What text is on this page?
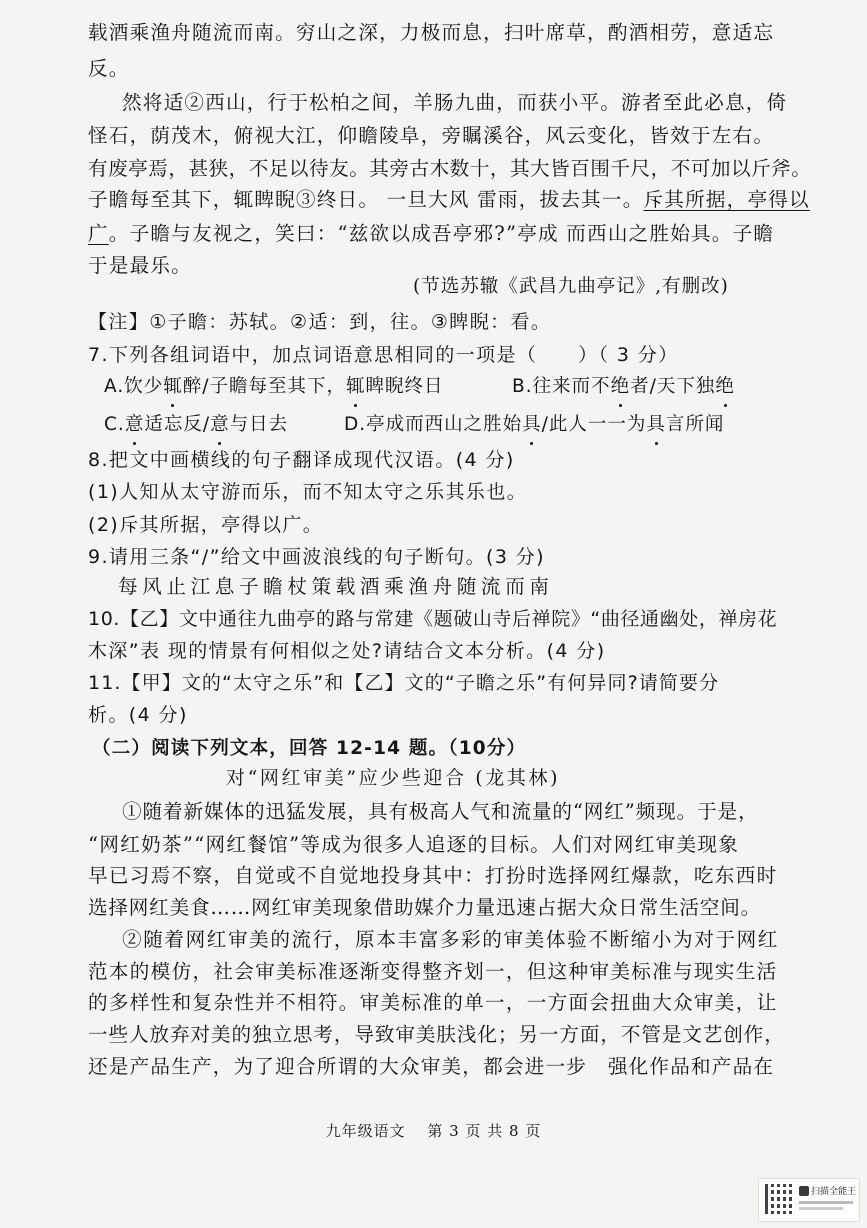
载酒乘渔舟随流而南。穷山之深，力极而息，扫叶席草，酌酒相劳，意适忘
反。
然将适②西山，行于松柏之间，羊肠九曲，而获小平。游者至此必息，倚
怪石，荫茂木，俯视大江，仰瞻陵阜，旁瞩溪谷，风云变化，皆效于左右。
有废亭焉，甚狭，不足以待友。其旁古木数十，其大皆百围千尺，不可加以斤斧。
子瞻每至其下，辄睥睨③终日。 一旦大风 雷雨，拔去其一。斥其所据，亭得以
广。子瞻与友视之，笑曰：“兹欲以成吾亭邪?”亭成 而西山之胜始具。子瞻
于是最乐。
(节选苏辙《武昌九曲亭记》,有删改)
【注】①子瞻：苏轼。②适：到，往。③睥睨：看。
7.下列各组词语中，加点词语意思相同的一项是（　　）（ 3 分）
A.饮少辄醉/子瞻每至其下，辄睥睨终日	B.往来而不绝者/天下独绝
C.意适忘反/意与日去	D.亭成而西山之胜始具/此人一一为具言所闻
8.把文中画横线的句子翻译成现代汉语。(4 分)
(1)人知从太守游而乐，而不知太守之乐其乐也。
(2)斥其所据，亭得以广。
9.请用三条“/”给文中画波浪线的句子断句。(3 分)
每风止江息子瞻杖策载酒乘渔舟随流而南
10.【乙】文中通往九曲亭的路与常建《题破山寺后禅院》“曲径通幽处，禅房花
木深”表 现的情景有何相似之处?请结合文本分析。(4 分)
11.【甲】文的“太守之乐”和【乙】文的“子瞻之乐”有何异同?请简要分
析。(4 分)
（二）阅读下列文本，回答 12-14 题。（10分）
对“网红审美”应少些迎合 (龙其林)
①随着新媒体的迅猛发展，具有极高人气和流量的“网红”频现。于是，
“网红奶茶”“网红餐馆”等成为很多人追逐的目标。人们对网红审美现象
早已习焉不察，自觉或不自觉地投身其中：打扮时选择网红爆款，吃东西时
选择网红美食……网红审美现象借助媒介力量迅速占据大众日常生活空间。
②随着网红审美的流行，原本丰富多彩的审美体验不断缩小为对于网红
范本的模仿，社会审美标准逐渐变得整齐划一，但这种审美标准与现实生活
的多样性和复杂性并不相符。审美标准的单一，一方面会扭曲大众审美，让
一些人放弃对美的独立思考，导致审美肤浅化；另一方面，不管是文艺创作，
还是产品生产，为了迎合所谓的大众审美，都会进一步　强化作品和产品在
九年级语文　 第 3 页 共 8 页
扫描全能王
